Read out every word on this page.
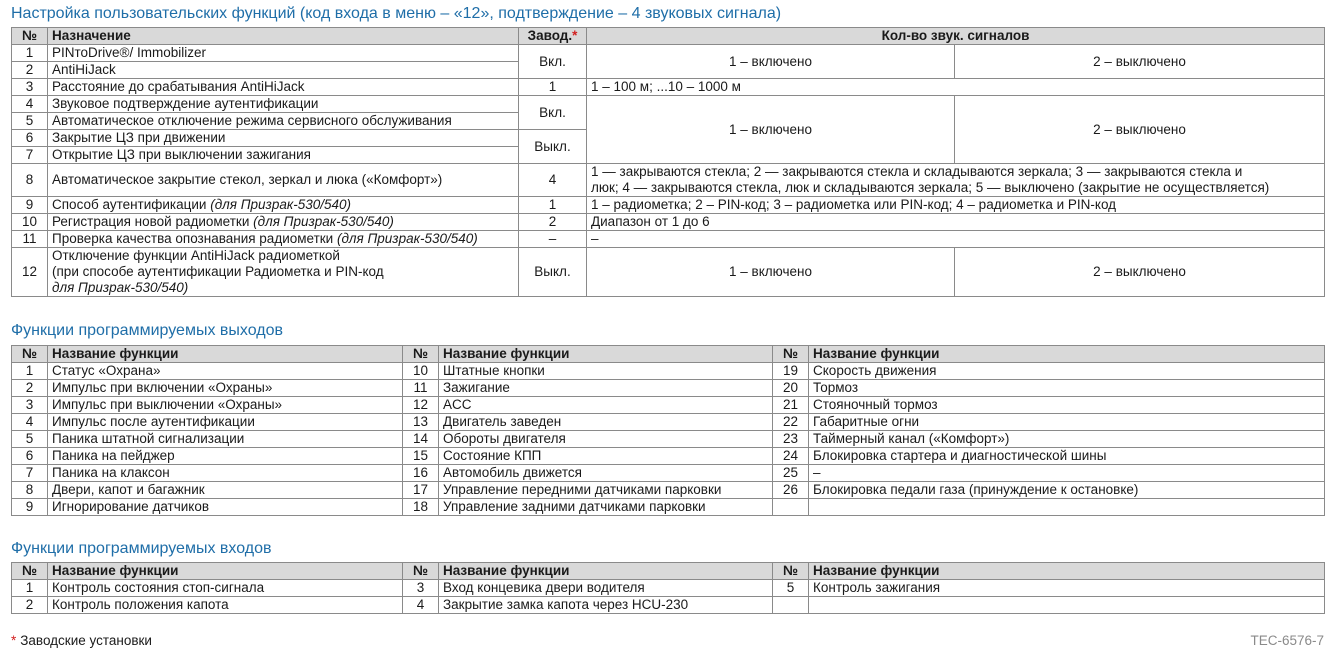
Настройка пользовательских функций (код входа в меню – «12», подтверждение – 4 звуковых сигнала)
№	Назначение	Завод.*	Кол-во звук. сигналов	
1	PINтоDrive®/ Immobilizer	Вкл.	1 – включено	2 – выключено
2	AntiHiJack			
3	Расстояние до срабатывания AntiHiJack	1	1 – 100 м; ...10 – 1000 м	
4	Звуковое подтверждение аутентификации	Вкл.	1 – включено	2 – выключено
5	Автоматическое отключение режима сервисного обслуживания			
6	Закрытие ЦЗ при движении	Выкл.		
7	Открытие ЦЗ при выключении зажигания			
8	Автоматическое закрытие стекол, зеркал и люка («Комфорт»)	4	1 — закрываются стекла; 2 — закрываются стекла и складываются зеркала; 3 — закрываются стекла и
люк; 4 — закрываются стекла, люк и складываются зеркала; 5 — выключено (закрытие не осуществляется)	
9	Способ аутентификации (для Призрак-530/540)	1	1 – радиометка; 2 – PIN-код; 3 – радиометка или PIN-код; 4 – радиометка и PIN-код	
10	Регистрация новой радиометки (для Призрак-530/540)	2	Диапазон от 1 до 6	
11	Проверка качества опознавания радиометки (для Призрак-530/540)	–	–	
12	Отключение функции AntiHiJack радиометкой
(при способе аутентификации Радиометка и PIN-код
для Призрак-530/540)	Выкл.	1 – включено	2 – выключено
Функции программируемых выходов
№	Название функции	№	Название функции	№	Название функции
1	Статус «Охрана»	10	Штатные кнопки	19	Скорость движения
2	Импульс при включении «Охраны»	11	Зажигание	20	Тормоз
3	Импульс при выключении «Охраны»	12	ACC	21	Стояночный тормоз
4	Импульс после аутентификации	13	Двигатель заведен	22	Габаритные огни
5	Паника штатной сигнализации	14	Обороты двигателя	23	Таймерный канал («Комфорт»)
6	Паника на пейджер	15	Состояние КПП	24	Блокировка стартера и диагностической шины
7	Паника на клаксон	16	Автомобиль движется	25	–
8	Двери, капот и багажник	17	Управление передними датчиками парковки	26	Блокировка педали газа (принуждение к остановке)
9	Игнорирование датчиков	18	Управление задними датчиками парковки		
Функции программируемых входов
№	Название функции	№	Название функции	№	Название функции
1	Контроль состояния стоп-сигнала	3	Вход концевика двери водителя	5	Контроль зажигания
2	Контроль положения капота	4	Закрытие замка капота через HCU-230		
* Заводские установки	TEC-6576-7
